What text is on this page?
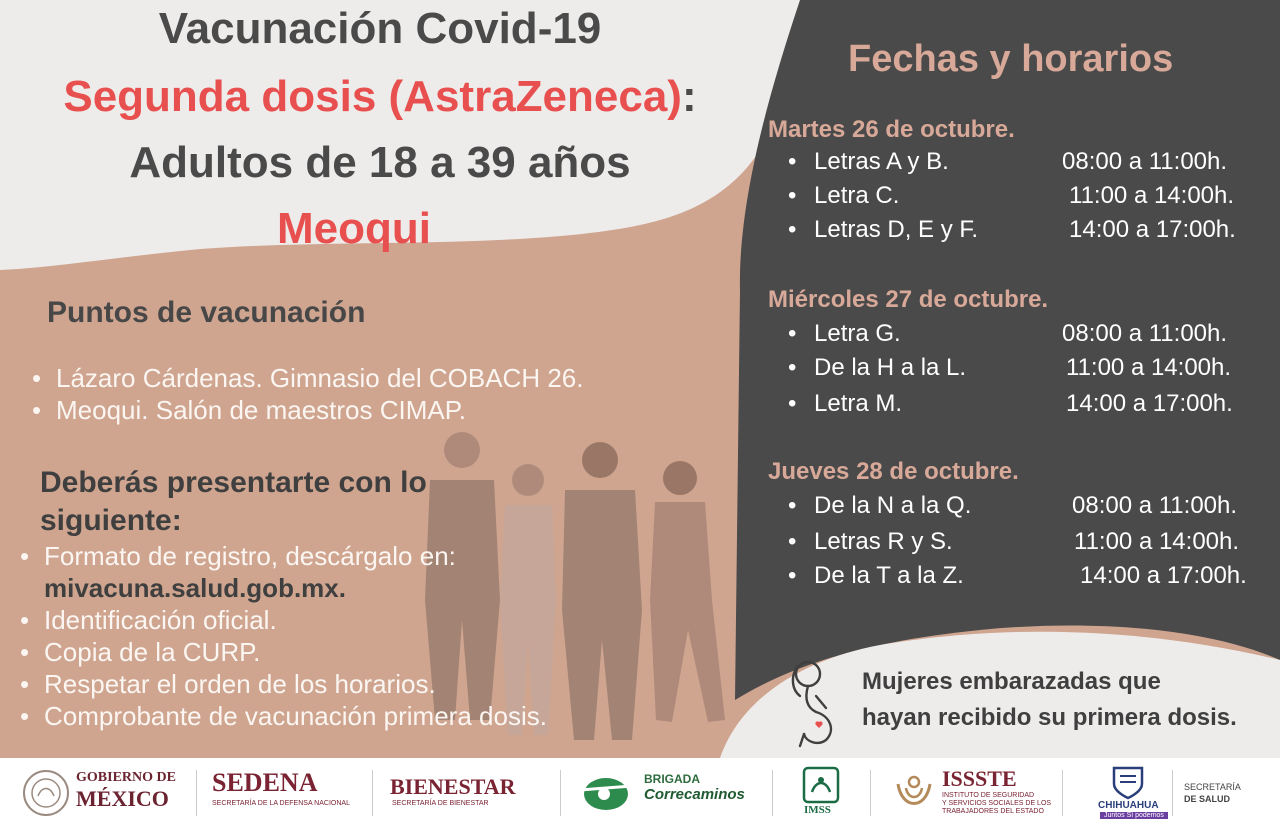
Vacunación Covid-19
Segunda dosis (AstraZeneca):
Adultos de 18 a 39 años
Meoqui
Puntos de vacunación
• Lázaro Cárdenas. Gimnasio del COBACH 26.
• Meoqui. Salón de maestros CIMAP.
Deberás presentarte con lo
siguiente:
• Formato de registro, descárgalo en:
mivacuna.salud.gob.mx.
• Identificación oficial.
• Copia de la CURP.
• Respetar el orden de los horarios.
• Comprobante de vacunación primera dosis.
Fechas y horarios
Martes 26 de octubre.
• Letras A y B.	08:00 a 11:00h.
• Letra C.	11:00 a 14:00h.
• Letras D, E y F.	14:00 a 17:00h.
Miércoles 27 de octubre.
• Letra G.	08:00 a 11:00h.
• De la H a la L.	11:00 a 14:00h.
• Letra M.	14:00 a 17:00h.
Jueves 28 de octubre.
• De la N a la Q.	08:00 a 11:00h.
• Letras R y S.	11:00 a 14:00h.
• De la T a la Z.	14:00 a 17:00h.
Mujeres embarazadas que
hayan recibido su primera dosis.
GOBIERNO DE
MÉXICO
SEDENA
SECRETARÍA DE LA DEFENSA NACIONAL
BIENESTAR
SECRETARÍA DE BIENESTAR
BRIGADA
Correcaminos
IMSS
ISSSTE
INSTITUTO DE SEGURIDAD
Y SERVICIOS SOCIALES DE LOS
TRABAJADORES DEL ESTADO
CHIHUAHUA
Juntos Sí podemos
SECRETARÍA
DE SALUD
